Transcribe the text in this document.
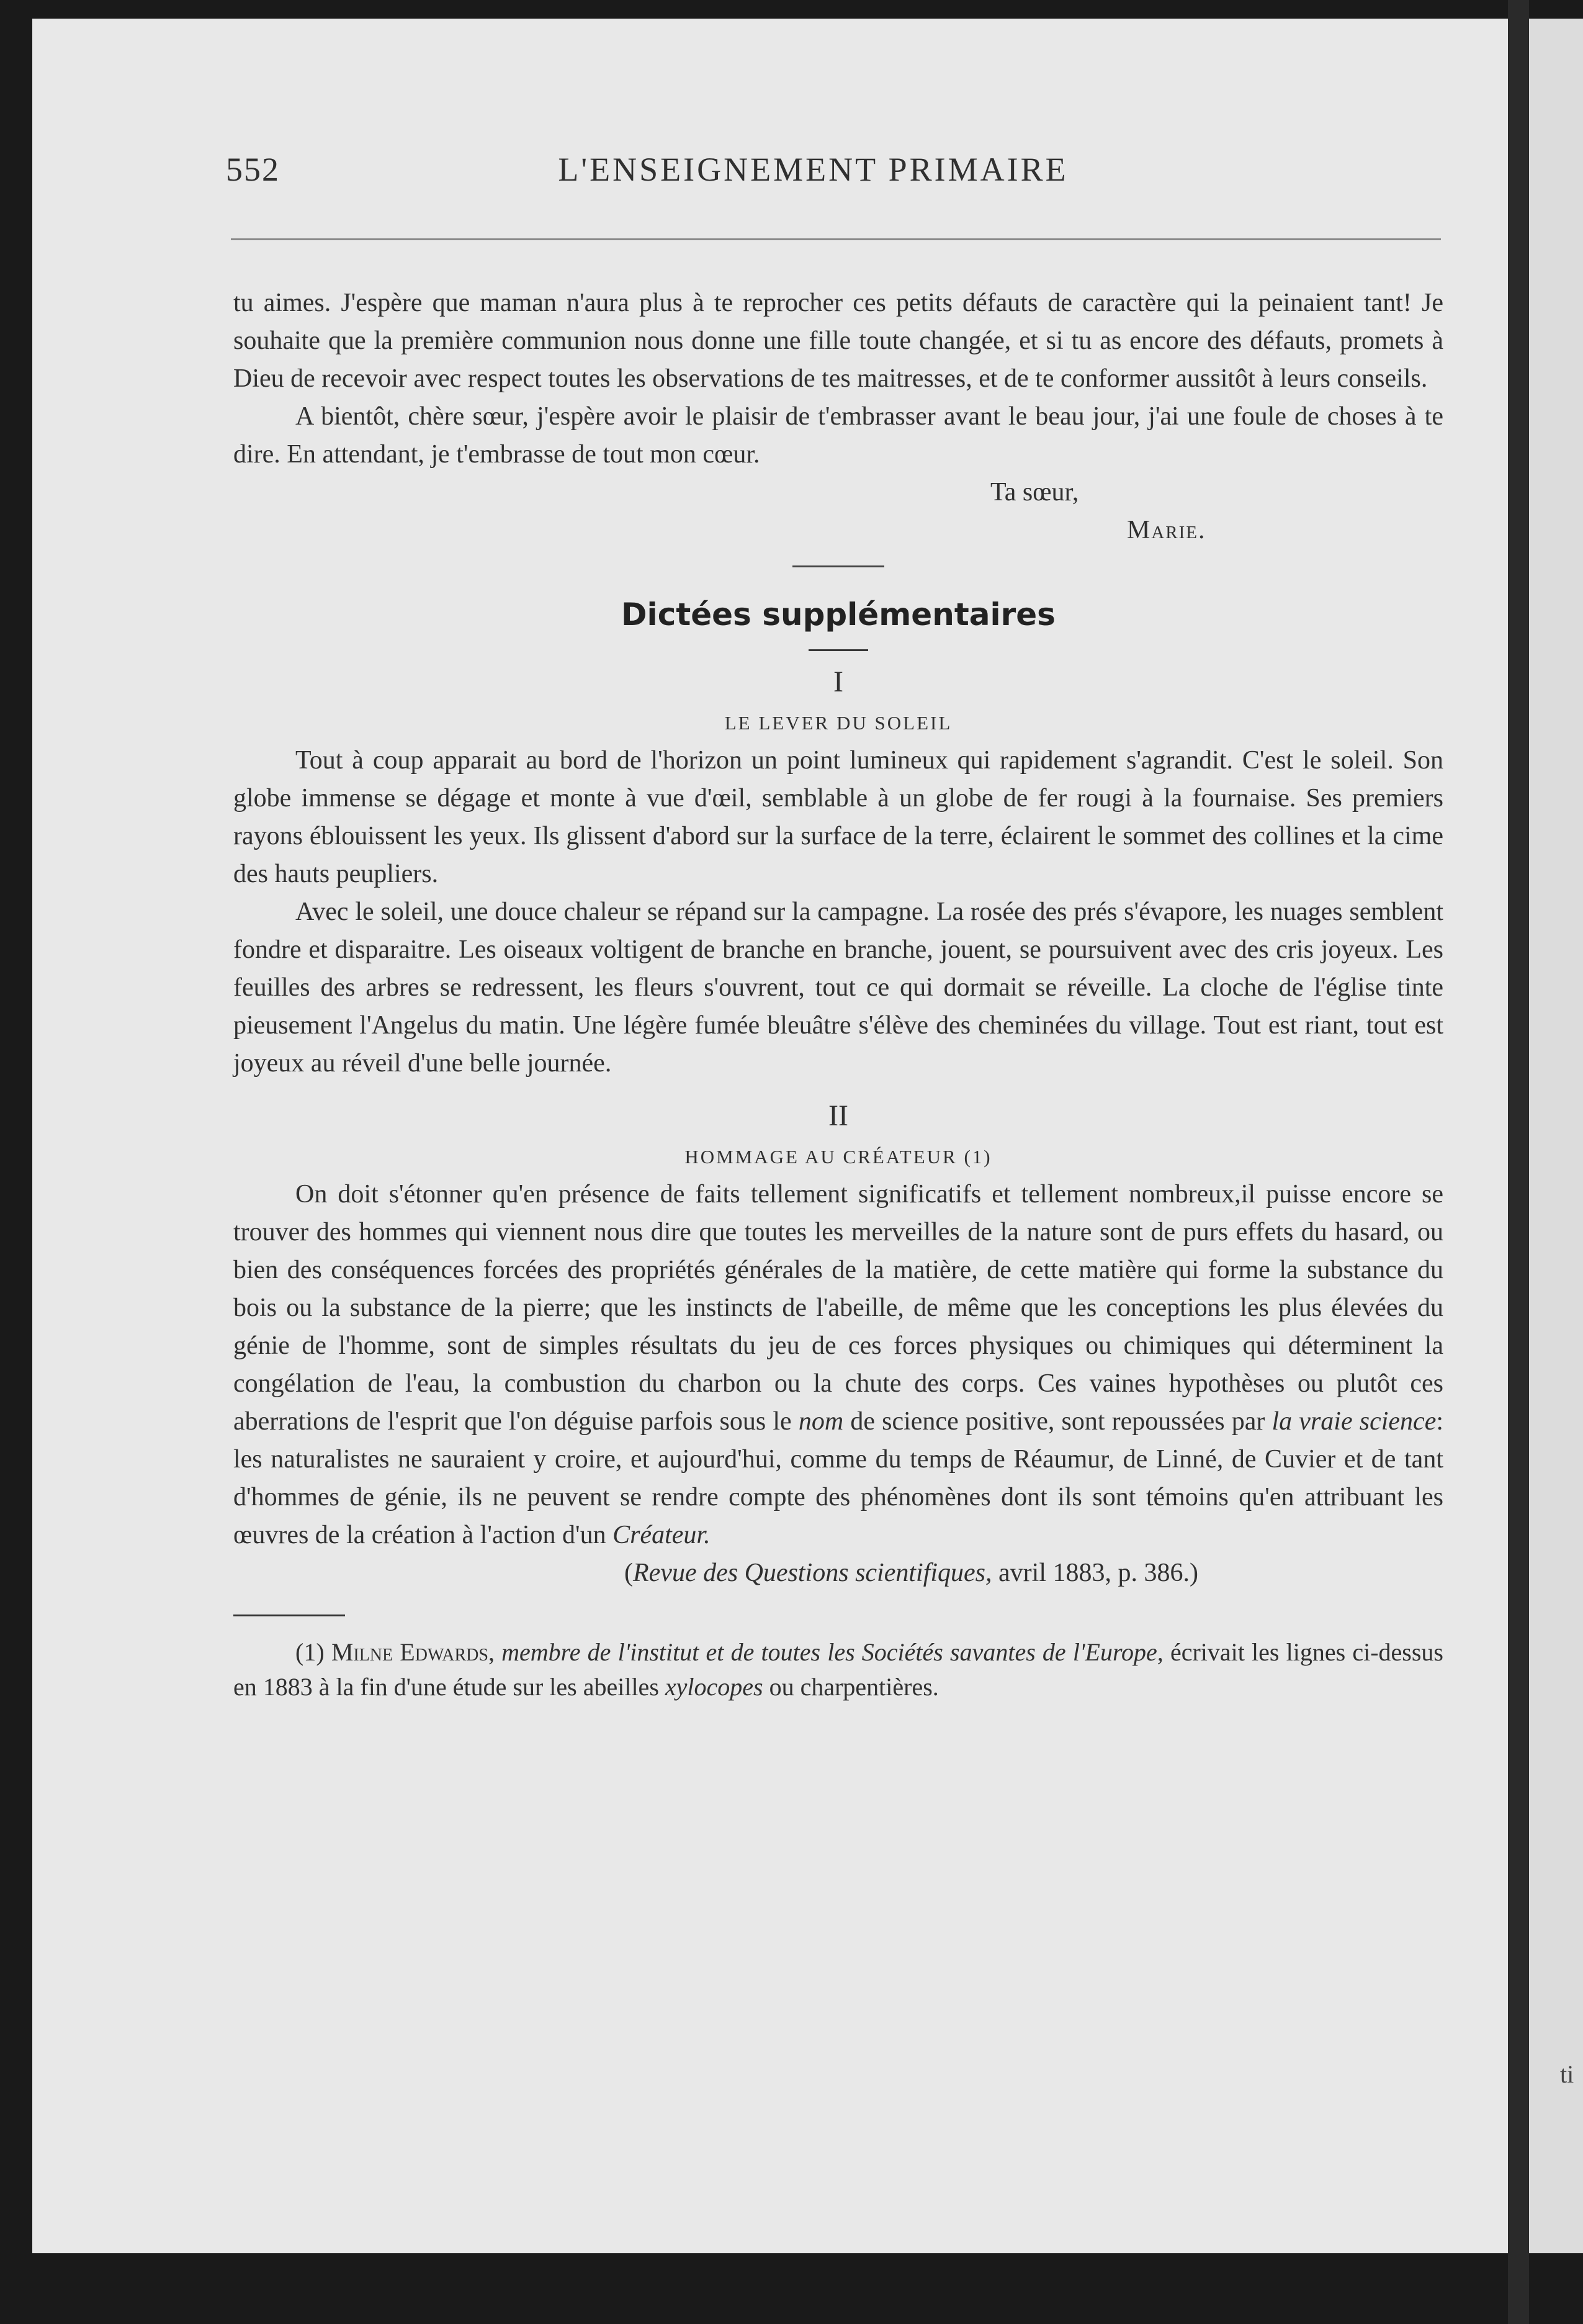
ti
552	L'ENSEIGNEMENT PRIMAIRE

tu aimes. J'espère que maman n'aura plus à te reprocher ces petits défauts de caractère qui la peinaient tant! Je souhaite que la première communion nous donne une fille toute changée, et si tu as encore des défauts, promets à Dieu de recevoir avec respect toutes les observations de tes maitresses, et de te conformer aussitôt à leurs conseils.

A bientôt, chère sœur, j'espère avoir le plaisir de t'embrasser avant le beau jour, j'ai une foule de choses à te dire. En attendant, je t'embrasse de tout mon cœur.

Ta sœur,

Marie.

Dictées supplémentaires

I

LE LEVER DU SOLEIL

Tout à coup apparait au bord de l'horizon un point lumineux qui rapidement s'agrandit. C'est le soleil. Son globe immense se dégage et monte à vue d'œil, semblable à un globe de fer rougi à la fournaise. Ses premiers rayons éblouissent les yeux. Ils glissent d'abord sur la surface de la terre, éclairent le sommet des collines et la cime des hauts peupliers.

Avec le soleil, une douce chaleur se répand sur la campagne. La rosée des prés s'évapore, les nuages semblent fondre et disparaitre. Les oiseaux voltigent de branche en branche, jouent, se poursuivent avec des cris joyeux. Les feuilles des arbres se redressent, les fleurs s'ouvrent, tout ce qui dormait se réveille. La cloche de l'église tinte pieusement l'Angelus du matin. Une légère fumée bleuâtre s'élève des cheminées du village. Tout est riant, tout est joyeux au réveil d'une belle journée.

II

HOMMAGE AU CRÉATEUR (1)

On doit s'étonner qu'en présence de faits tellement significatifs et tellement nombreux,il puisse encore se trouver des hommes qui viennent nous dire que toutes les merveilles de la nature sont de purs effets du hasard, ou bien des conséquences forcées des propriétés générales de la matière, de cette matière qui forme la substance du bois ou la substance de la pierre; que les instincts de l'abeille, de même que les conceptions les plus élevées du génie de l'homme, sont de simples résultats du jeu de ces forces physiques ou chimiques qui déterminent la congélation de l'eau, la combustion du charbon ou la chute des corps. Ces vaines hypothèses ou plutôt ces aberrations de l'esprit que l'on déguise parfois sous le nom de science positive, sont repoussées par la vraie science: les naturalistes ne sauraient y croire, et aujourd'hui, comme du temps de Réaumur, de Linné, de Cuvier et de tant d'hommes de génie, ils ne peuvent se rendre compte des phénomènes dont ils sont témoins qu'en attribuant les œuvres de la création à l'action d'un Créateur.

(Revue des Questions scientifiques, avril 1883, p. 386.)

(1) Milne Edwards, membre de l'institut et de toutes les Sociétés savantes de l'Europe, écrivait les lignes ci-dessus en 1883 à la fin d'une étude sur les abeilles xylocopes ou charpentières.
